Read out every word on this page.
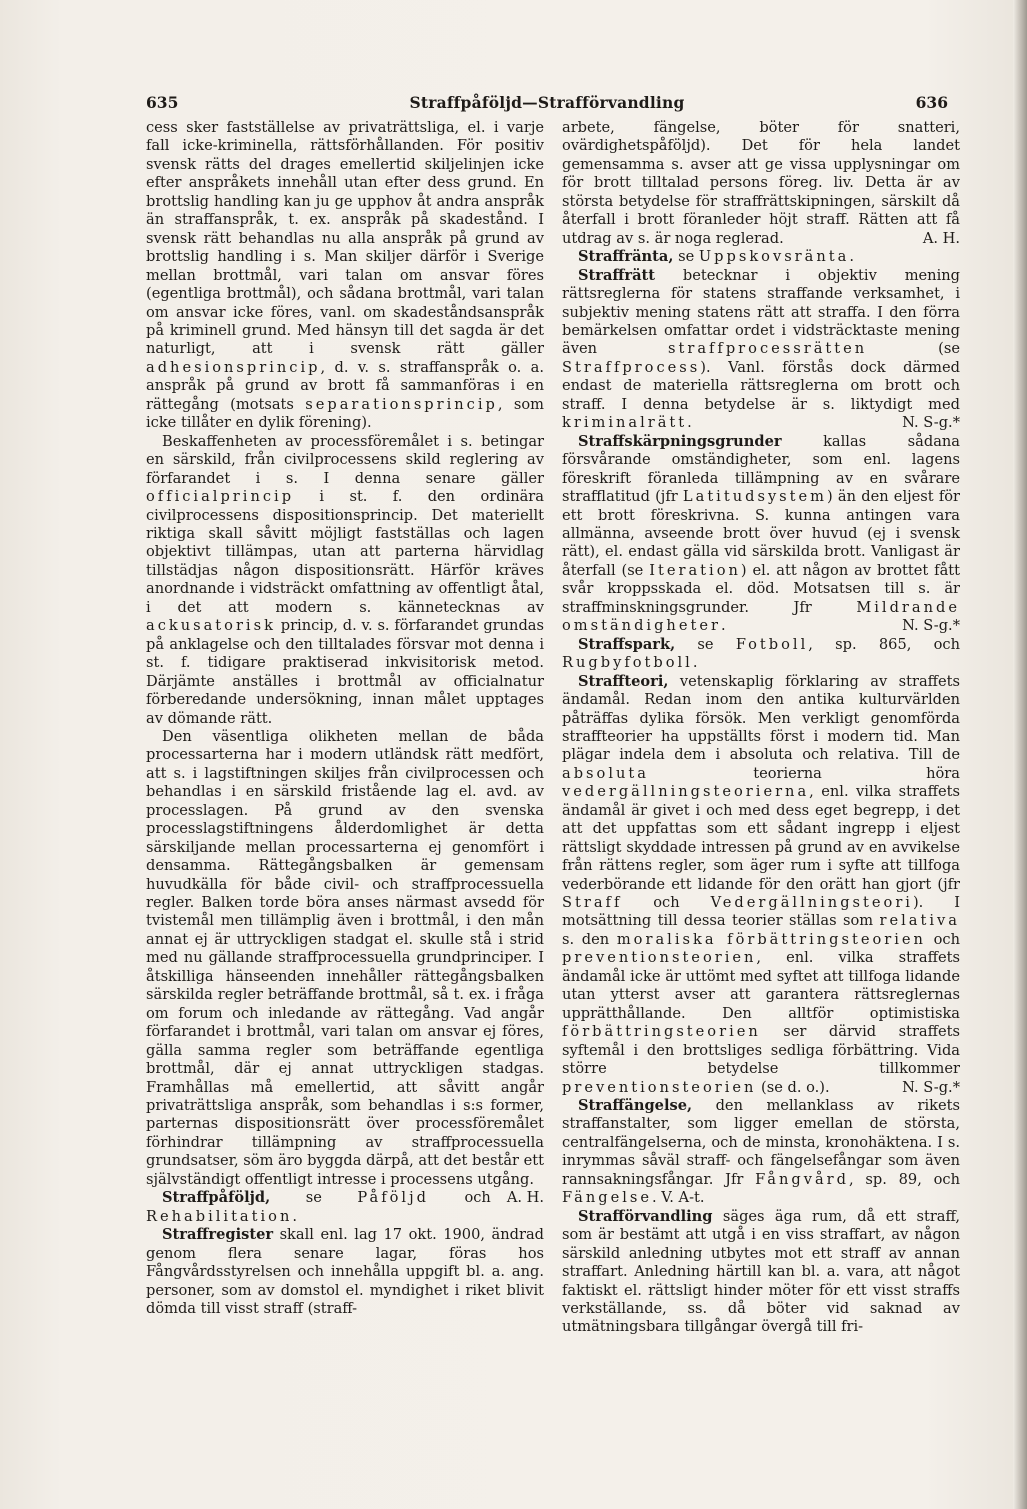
635	Straffpåföljd—Strafförvandling	636

cess sker fastställelse av privaträttsliga, el. i varje fall icke-kriminella, rättsförhållanden. För positiv svensk rätts del drages emellertid skiljelinjen icke efter anspråkets innehåll utan efter dess grund. En brottslig handling kan ju ge upphov åt andra anspråk än straffanspråk, t. ex. anspråk på skadestånd. I svensk rätt behandlas nu alla anspråk på grund av brottslig handling i s. Man skiljer därför i Sverige mellan brottmål, vari talan om ansvar föres (egentliga brottmål), och sådana brottmål, vari talan om ansvar icke föres, vanl. om skadeståndsanspråk på kriminell grund. Med hänsyn till det sagda är det naturligt, att i svensk rätt gäller adhesionsprincip, d. v. s. straffanspråk o. a. anspråk på grund av brott få sammanföras i en rättegång (motsats separationsprincip, som icke tillåter en dylik förening).

Beskaffenheten av processföremålet i s. betingar en särskild, från civilprocessens skild reglering av förfarandet i s. I denna senare gäller officialprincip i st. f. den ordinära civilprocessens dispositionsprincip. Det materiellt riktiga skall såvitt möjligt fastställas och lagen objektivt tillämpas, utan att parterna härvidlag tillstädjas någon dispositionsrätt. Härför kräves anordnande i vidsträckt omfattning av offentligt åtal, i det att modern s. kännetecknas av ackusatorisk princip, d. v. s. förfarandet grundas på anklagelse och den tilltalades försvar mot denna i st. f. tidigare praktiserad inkvisitorisk metod. Därjämte anställes i brottmål av officialnatur förberedande undersökning, innan målet upptages av dömande rätt.

Den väsentliga olikheten mellan de båda processarterna har i modern utländsk rätt medfört, att s. i lagstiftningen skiljes från civilprocessen och behandlas i en särskild fristående lag el. avd. av processlagen. På grund av den svenska processlagstiftningens ålderdomlighet är detta särskiljande mellan processarterna ej genomfört i densamma. Rättegångsbalken är gemensam huvudkälla för både civil- och straffprocessuella regler. Balken torde böra anses närmast avsedd för tvistemål men tillämplig även i brottmål, i den mån annat ej är uttryckligen stadgat el. skulle stå i strid med nu gällande straffprocessuella grundprinciper. I åtskilliga hänseenden innehåller rättegångsbalken särskilda regler beträffande brottmål, så t. ex. i fråga om forum och inledande av rättegång. Vad angår förfarandet i brottmål, vari talan om ansvar ej föres, gälla samma regler som beträffande egentliga brottmål, där ej annat uttryckligen stadgas. Framhållas må emellertid, att såvitt angår privaträttsliga anspråk, som behandlas i s:s former, parternas dispositionsrätt över processföremålet förhindrar tillämpning av straffprocessuella grundsatser, söm äro byggda därpå, att det består ett självständigt offentligt intresse i processens utgång.
A. H.

Straffpåföljd, se Påföljd och Rehabilitation.

Straffregister skall enl. lag 17 okt. 1900, ändrad genom flera senare lagar, föras hos Fångvårdsstyrelsen och innehålla uppgift bl. a. ang. personer, som av domstol el. myndighet i riket blivit dömda till visst straff (straff-

arbete, fängelse, böter för snatteri, ovärdighetspåföljd). Det för hela landet gemensamma s. avser att ge vissa upplysningar om för brott tilltalad persons föreg. liv. Detta är av största betydelse för straffrättskipningen, särskilt då återfall i brott föranleder höjt straff. Rätten att få utdrag av s. är noga reglerad.	A. H.

Straffränta, se Uppskovsränta.

Straffrätt betecknar i objektiv mening rättsreglerna för statens straffande verksamhet, i subjektiv mening statens rätt att straffa. I den förra bemärkelsen omfattar ordet i vidsträcktaste mening även straffprocessrätten (se Straffprocess). Vanl. förstås dock därmed endast de materiella rättsreglerna om brott och straff. I denna betydelse är s. liktydigt med kriminalrätt.	N. S-g.*

Straffskärpningsgrunder kallas sådana försvårande omständigheter, som enl. lagens föreskrift föranleda tillämpning av en svårare strafflatitud (jfr Latitudsystem) än den eljest för ett brott föreskrivna. S. kunna antingen vara allmänna, avseende brott över huvud (ej i svensk rätt), el. endast gälla vid särskilda brott. Vanligast är återfall (se Iteration) el. att någon av brottet fått svår kroppsskada el. död. Motsatsen till s. är straffminskningsgrunder. Jfr Mildrande omständigheter.	N. S-g.*

Straffspark, se Fotboll, sp. 865, och Rugbyfotboll.

Straffteori, vetenskaplig förklaring av straffets ändamål. Redan inom den antika kulturvärlden påträffas dylika försök. Men verkligt genomförda straffteorier ha uppställts först i modern tid. Man plägar indela dem i absoluta och relativa. Till de absoluta teorierna höra vedergällningsteorierna, enl. vilka straffets ändamål är givet i och med dess eget begrepp, i det att det uppfattas som ett sådant ingrepp i eljest rättsligt skyddade intressen på grund av en avvikelse från rättens regler, som äger rum i syfte att tillfoga vederbörande ett lidande för den orätt han gjort (jfr Straff och Vedergällningsteori). I motsättning till dessa teorier ställas som relativa s. den moraliska förbättringsteorien och preventionsteorien, enl. vilka straffets ändamål icke är uttömt med syftet att tillfoga lidande utan ytterst avser att garantera rättsreglernas upprätthållande. Den alltför optimistiska förbättringsteorien ser därvid straffets syftemål i den brottsliges sedliga förbättring. Vida större betydelse tillkommer preventionsteorien (se d. o.).	N. S-g.*

Straffängelse, den mellanklass av rikets straffanstalter, som ligger emellan de största, centralfängelserna, och de minsta, kronohäktena. I s. inrymmas såväl straff- och fängelsefångar som även rannsakningsfångar. Jfr Fångvård, sp. 89, och Fängelse. V. A-t.

Strafförvandling säges äga rum, då ett straff, som är bestämt att utgå i en viss straffart, av någon särskild anledning utbytes mot ett straff av annan straffart. Anledning härtill kan bl. a. vara, att något faktiskt el. rättsligt hinder möter för ett visst straffs verkställande, ss. då böter vid saknad av utmätningsbara tillgångar övergå till fri-
